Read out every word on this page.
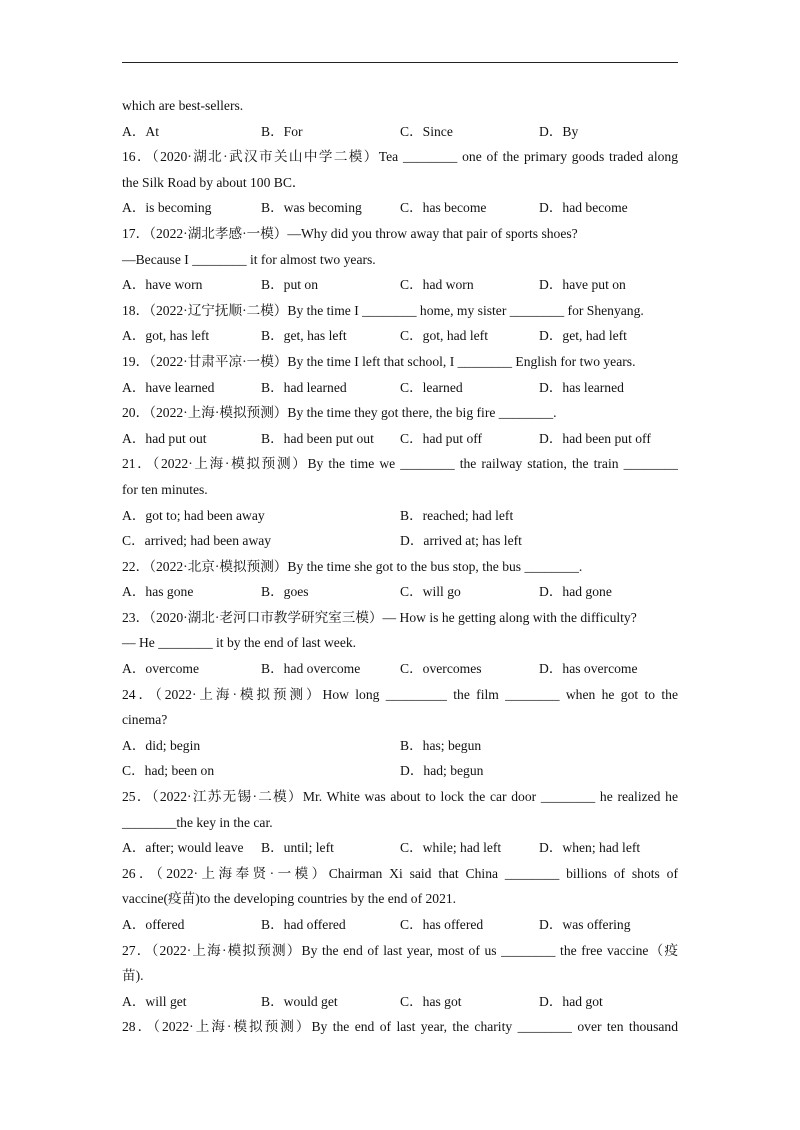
which are best-sellers.
A．At	B．For	C．Since	D．By
16．（2020·湖北·武汉市关山中学二模）Tea ________ one of the primary goods traded along
the Silk Road by about 100 BC．
A．is becoming	B．was becoming	C．has become	D．had become
17．（2022·湖北孝感·一模）—Why did you throw away that pair of sports shoes?
—Because I ________ it for almost two years.
A．have worn	B．put on	C．had worn	D．have put on
18．（2022·辽宁抚顺·二模）By the time I ________ home, my sister ________ for Shenyang.
A．got, has left	B．get, has left	C．got, had left	D．get, had left
19．（2022·甘肃平凉·一模）By the time I left that school, I ________ English for two years.
A．have learned	B．had learned	C．learned	D．has learned
20．（2022·上海·模拟预测）By the time they got there, the big fire ________.
A．had put out	B．had been put out	C．had put off	D．had been put off
21．（2022·上海·模拟预测）By the time we ________ the railway station, the train ________
for ten minutes.
A．got to; had been away	B．reached; had left
C．arrived; had been away	D．arrived at; has left
22．（2022·北京·模拟预测）By the time she got to the bus stop, the bus ________.
A．has gone	B．goes	C．will go	D．had gone
23．（2020·湖北·老河口市教学研究室三模）— How is he getting along with the difficulty?
— He ________ it by the end of last week.
A．overcome	B．had overcome	C．overcomes	D．has overcome
24．（2022·上海·模拟预测）How long _________ the film ________ when he got to the
cinema?
A．did; begin	B．has; begun
C．had; been on	D．had; begun
25．（2022·江苏无锡·二模）Mr. White was about to lock the car door ________ he realized he
________the key in the car.
A．after; would leave	B．until; left	C．while; had left	D．when; had left
26．（2022·上海奉贤·一模）Chairman Xi said that China ________ billions of shots of
vaccine(疫苗)to the developing countries by the end of 2021.
A．offered	B．had offered	C．has offered	D．was offering
27．（2022·上海·模拟预测）By the end of last year, most of us ________ the free vaccine（疫
苗).
A．will get	B．would get	C．has got	D．had got
28．（2022·上海·模拟预测）By the end of last year, the charity ________ over ten thousand
